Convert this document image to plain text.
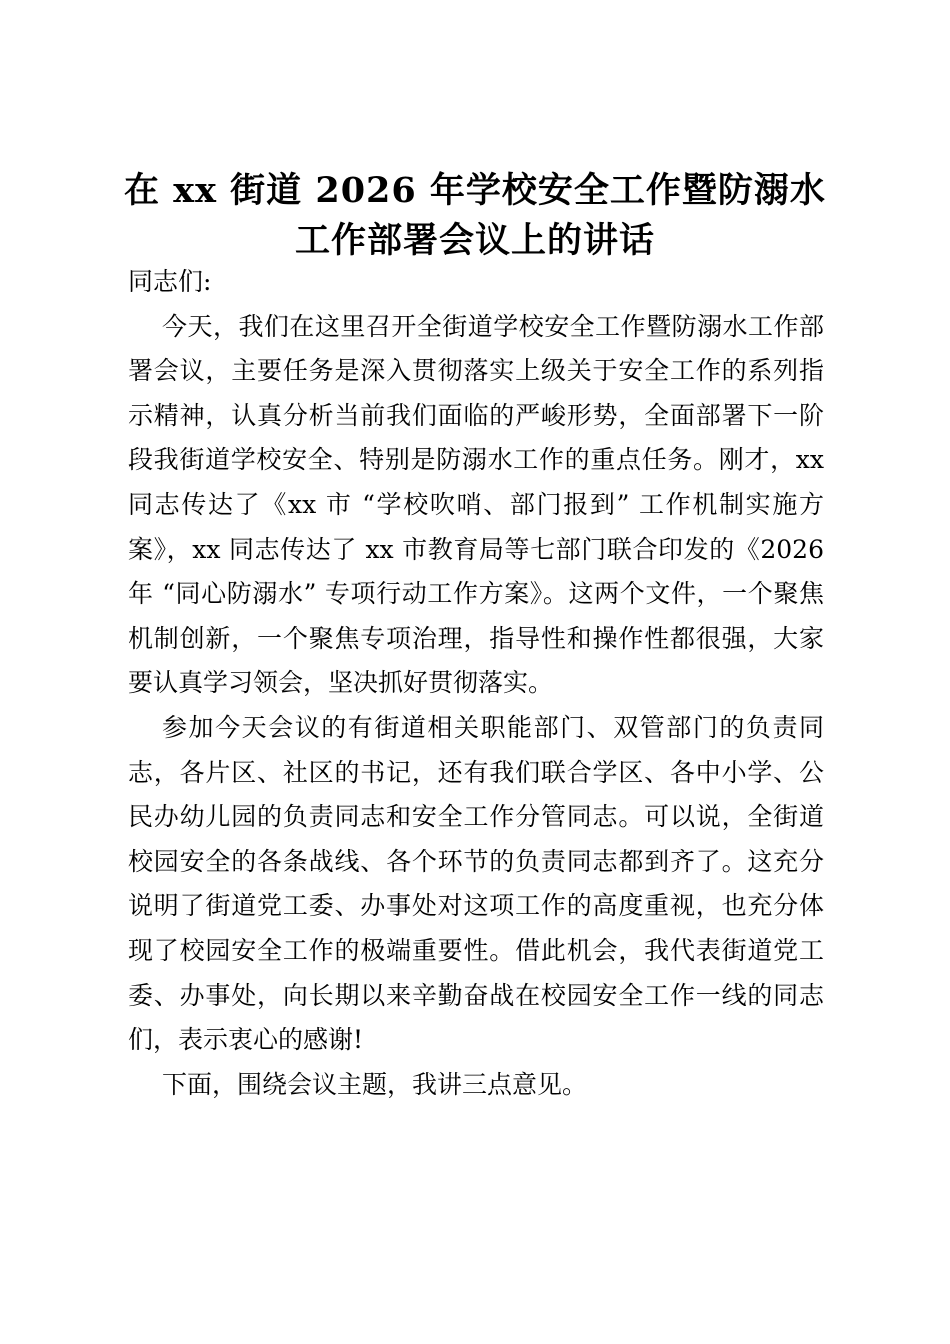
在 xx 街道 2026 年学校安全工作暨防溺水工作部署会议上的讲话

同志们:

今天，我们在这里召开全街道学校安全工作暨防溺水工作部署会议，主要任务是深入贯彻落实上级关于安全工作的系列指示精神，认真分析当前我们面临的严峻形势，全面部署下一阶段我街道学校安全、特别是防溺水工作的重点任务。刚才，xx 同志传达了《xx 市 “学校吹哨、部门报到” 工作机制实施方案》，xx 同志传达了 xx 市教育局等七部门联合印发的《2026 年 “同心防溺水” 专项行动工作方案》。这两个文件，一个聚焦机制创新，一个聚焦专项治理，指导性和操作性都很强，大家要认真学习领会，坚决抓好贯彻落实。

参加今天会议的有街道相关职能部门、双管部门的负责同志，各片区、社区的书记，还有我们联合学区、各中小学、公民办幼儿园的负责同志和安全工作分管同志。可以说，全街道校园安全的各条战线、各个环节的负责同志都到齐了。这充分说明了街道党工委、办事处对这项工作的高度重视，也充分体现了校园安全工作的极端重要性。借此机会，我代表街道党工委、办事处，向长期以来辛勤奋战在校园安全工作一线的同志们，表示衷心的感谢!

下面，围绕会议主题，我讲三点意见。
